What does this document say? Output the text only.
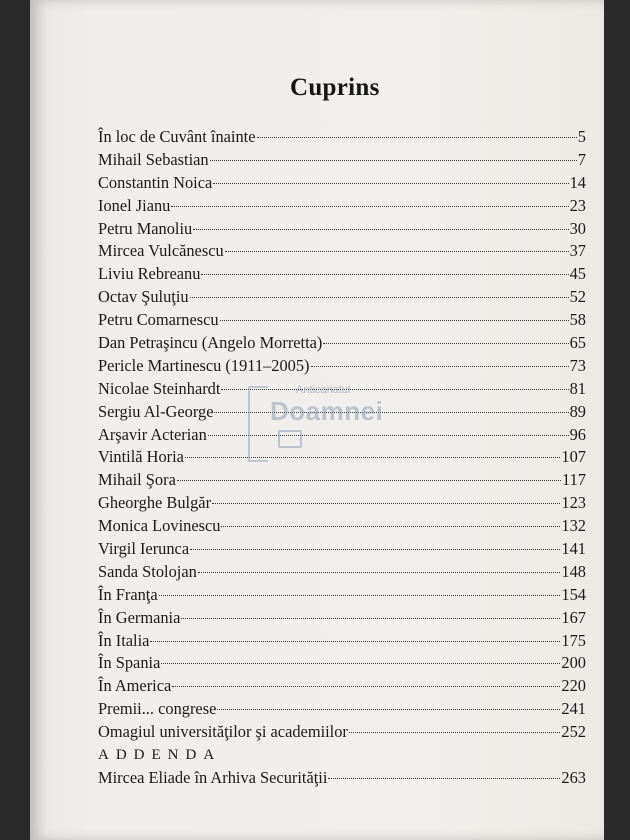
Cuprins
În loc de Cuvânt înainte	5
Mihail Sebastian	7
Constantin Noica	14
Ionel Jianu	23
Petru Manoliu	30
Mircea Vulcănescu	37
Liviu Rebreanu	45
Octav Şuluţiu	52
Petru Comarnescu	58
Dan Petraşincu (Angelo Morretta)	65
Pericle Martinescu (1911–2005)	73
Nicolae Steinhardt	81
Sergiu Al-George	89
Arşavir Acterian	96
Vintilă Horia	107
Mihail Şora	117
Gheorghe Bulgăr	123
Monica Lovinescu	132
Virgil Ierunca	141
Sanda Stolojan	148
În Franţa	154
În Germania	167
În Italia	175
În Spania	200
În America	220
Premii... congrese	241
Omagiul universităţilor şi academiilor	252
ADDENDA
Mircea Eliade în Arhiva Securităţii	263
Anticariatul
Doamnei
